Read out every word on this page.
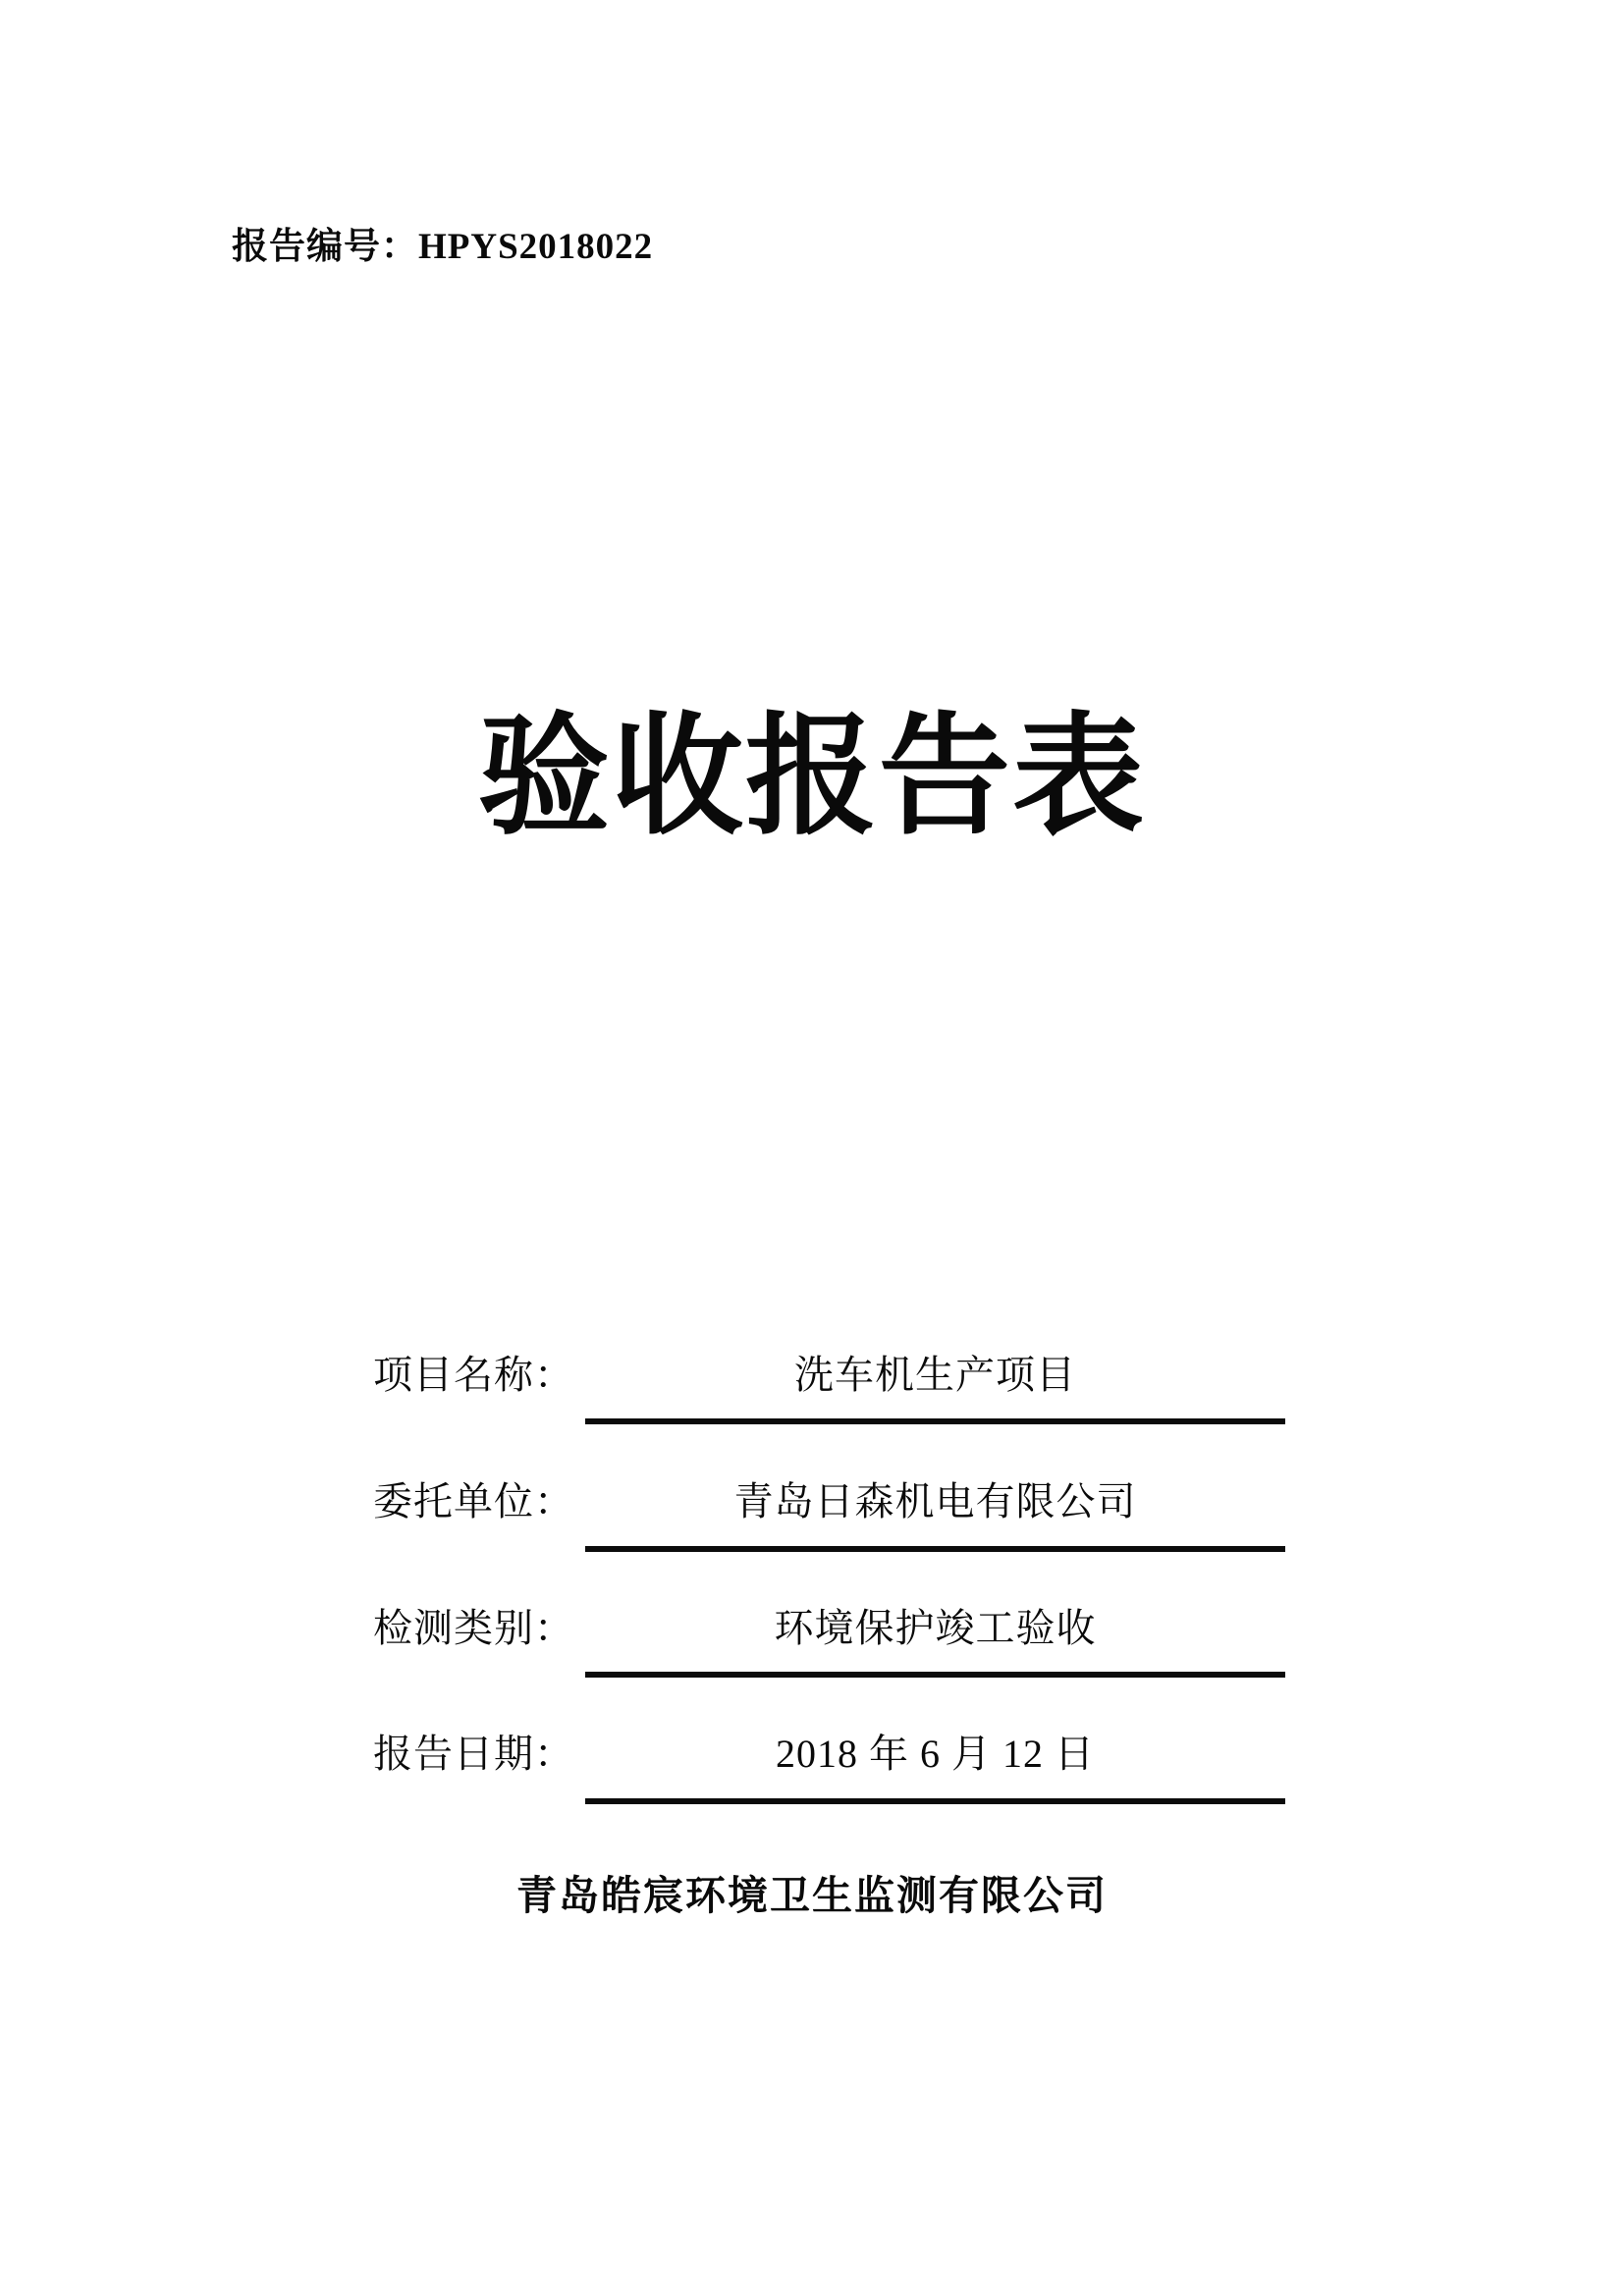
报告编号：HPYS2018022
验收报告表
项目名称：	洗车机生产项目
委托单位：	青岛日森机电有限公司
检测类别：	环境保护竣工验收
报告日期：	2018 年 6 月 12 日
青岛皓宸环境卫生监测有限公司
